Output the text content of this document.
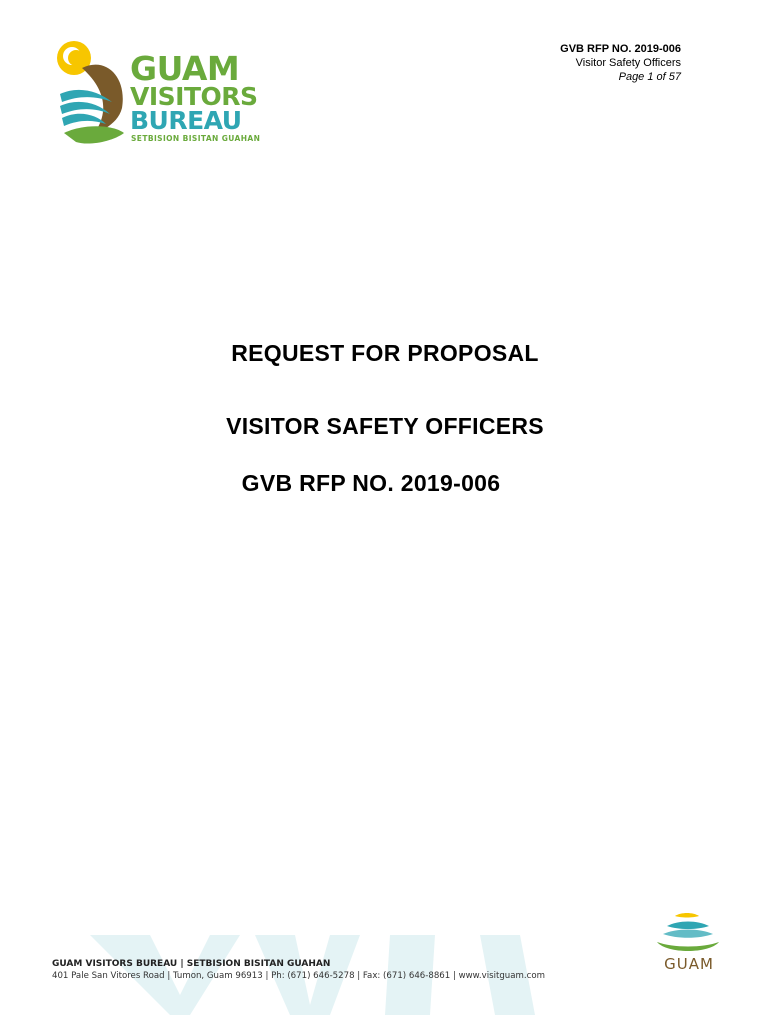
GUAM
VISITORS
BUREAU
SETBISION BISITAN GUAHAN
GVB RFP NO. 2019-006
Visitor Safety Officers
Page 1 of 57
REQUEST FOR PROPOSAL
VISITOR SAFETY OFFICERS
GVB RFP NO. 2019-006
GUAM VISITORS BUREAU | SETBISION BISITAN GUAHAN
401 Pale San Vitores Road | Tumon, Guam 96913 | Ph: (671) 646-5278 | Fax: (671) 646-8861 | www.visitguam.com
GUAM
